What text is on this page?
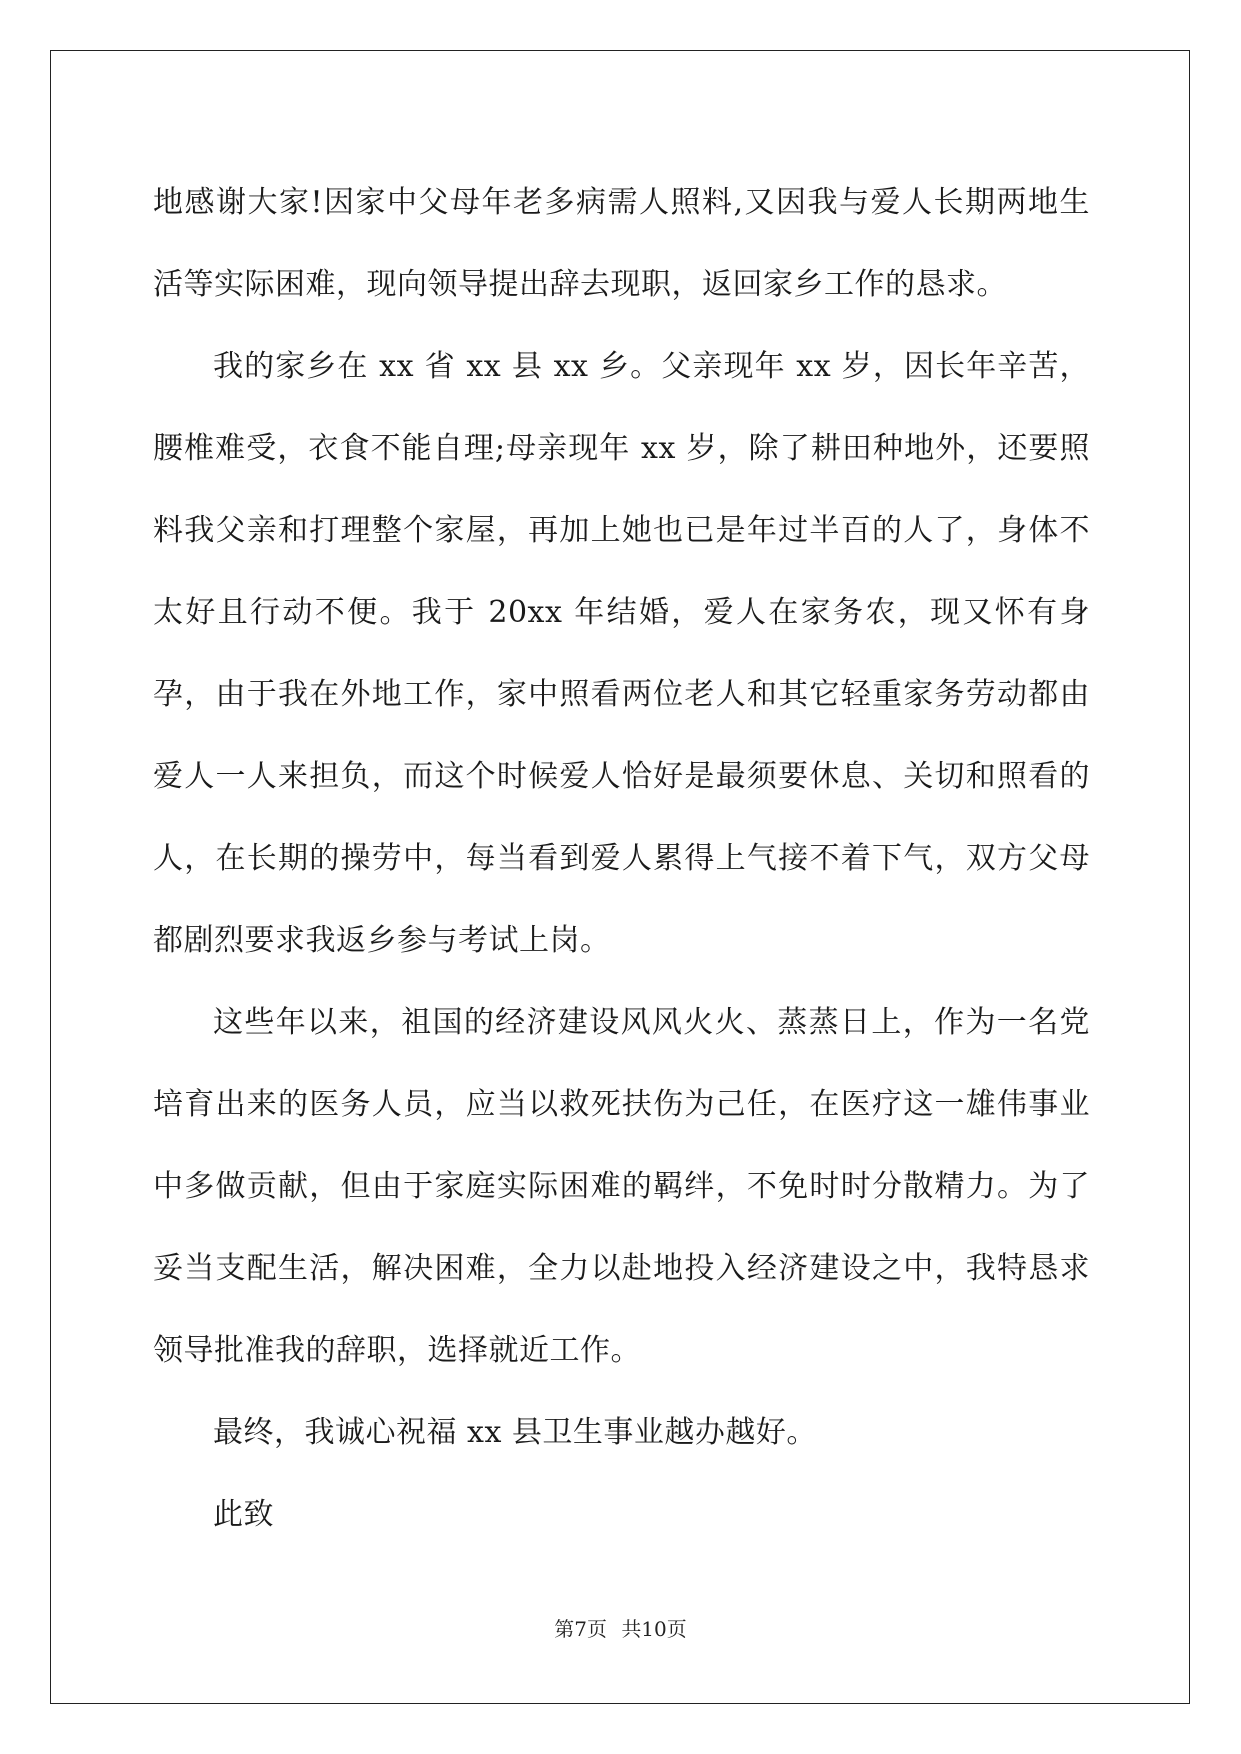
地感谢大家!因家中父母年老多病需人照料,又因我与爱人长期两地生活等实际困难，现向领导提出辞去现职，返回家乡工作的恳求。

我的家乡在 xx 省 xx 县 xx 乡。父亲现年 xx 岁，因长年辛苦，腰椎难受，衣食不能自理;母亲现年 xx 岁，除了耕田种地外，还要照料我父亲和打理整个家屋，再加上她也已是年过半百的人了，身体不太好且行动不便。我于 20xx 年结婚，爱人在家务农，现又怀有身孕，由于我在外地工作，家中照看两位老人和其它轻重家务劳动都由爱人一人来担负，而这个时候爱人恰好是最须要休息、关切和照看的人，在长期的操劳中，每当看到爱人累得上气接不着下气，双方父母都剧烈要求我返乡参与考试上岗。

这些年以来，祖国的经济建设风风火火、蒸蒸日上，作为一名党培育出来的医务人员，应当以救死扶伤为己任，在医疗这一雄伟事业中多做贡献，但由于家庭实际困难的羁绊，不免时时分散精力。为了妥当支配生活，解决困难，全力以赴地投入经济建设之中，我特恳求领导批准我的辞职，选择就近工作。

最终，我诚心祝福 xx 县卫生事业越办越好。

此致

第7页 共10页
